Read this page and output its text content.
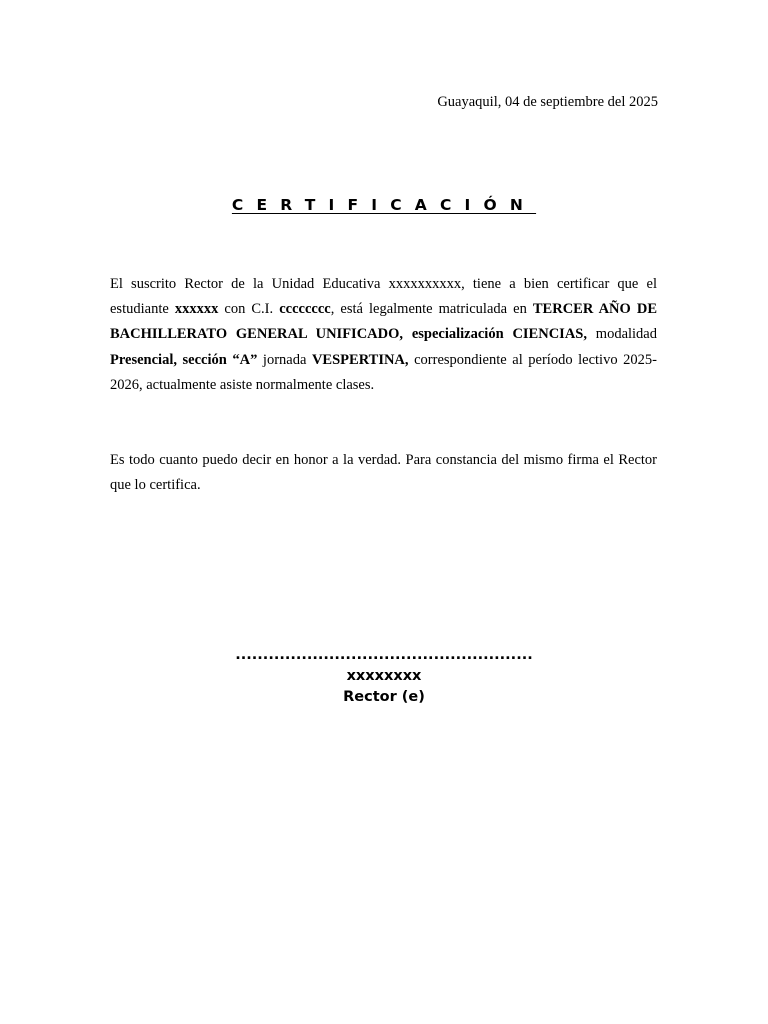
Guayaquil, 04 de septiembre del 2025
CERTIFICACIÓN
El suscrito Rector de la Unidad Educativa xxxxxxxxxx, tiene a bien certificar que el estudiante xxxxxx con C.I. cccccccc, está legalmente matriculada en TERCER AÑO DE BACHILLERATO GENERAL UNIFICADO, especialización CIENCIAS, modalidad Presencial, sección “A” jornada VESPERTINA, correspondiente al período lectivo 2025-2026, actualmente asiste normalmente clases.
Es todo cuanto puedo decir en honor a la verdad. Para constancia del mismo firma el Rector que lo certifica.
......................................................
xxxxxxxx
Rector (e)
